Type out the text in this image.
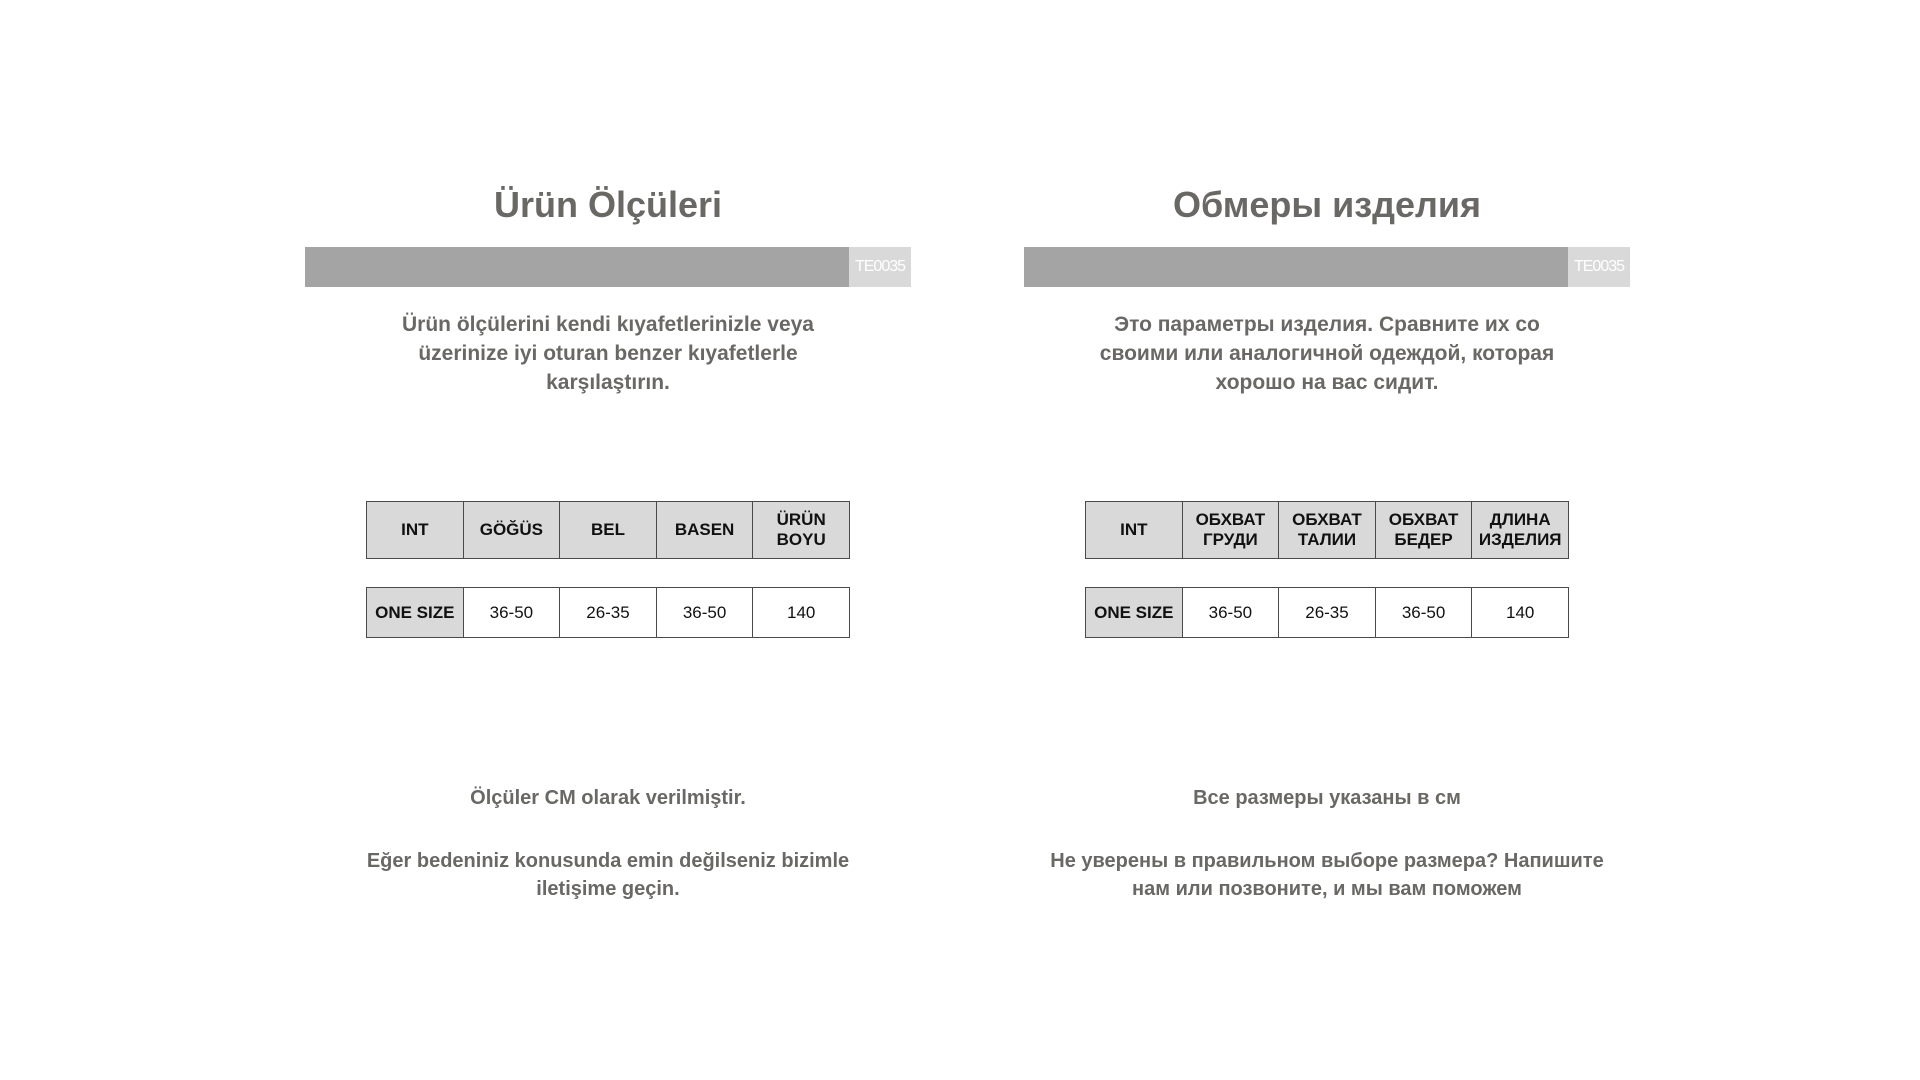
Ürün Ölçüleri
TE0035
Ürün ölçülerini kendi kıyafetlerinizle veya üzerinize iyi oturan benzer kıyafetlerle karşılaştırın.
INT	GÖĞÜS	BEL	BASEN	ÜRÜN BOYU
ONE SIZE	36-50	26-35	36-50	140
Ölçüler CM olarak verilmiştir.
Eğer bedeniniz konusunda emin değilseniz bizimle iletişime geçin.
Обмеры изделия
TE0035
Это параметры изделия. Сравните их со своими или аналогичной одеждой, которая хорошо на вас сидит.
INT	ОБХВАТ ГРУДИ	ОБХВАТ ТАЛИИ	ОБХВАТ БЕДЕР	ДЛИНА ИЗДЕЛИЯ
ONE SIZE	36-50	26-35	36-50	140
Все размеры указаны в см
Не уверены в правильном выборе размера? Напишите нам или позвоните, и мы вам поможем
